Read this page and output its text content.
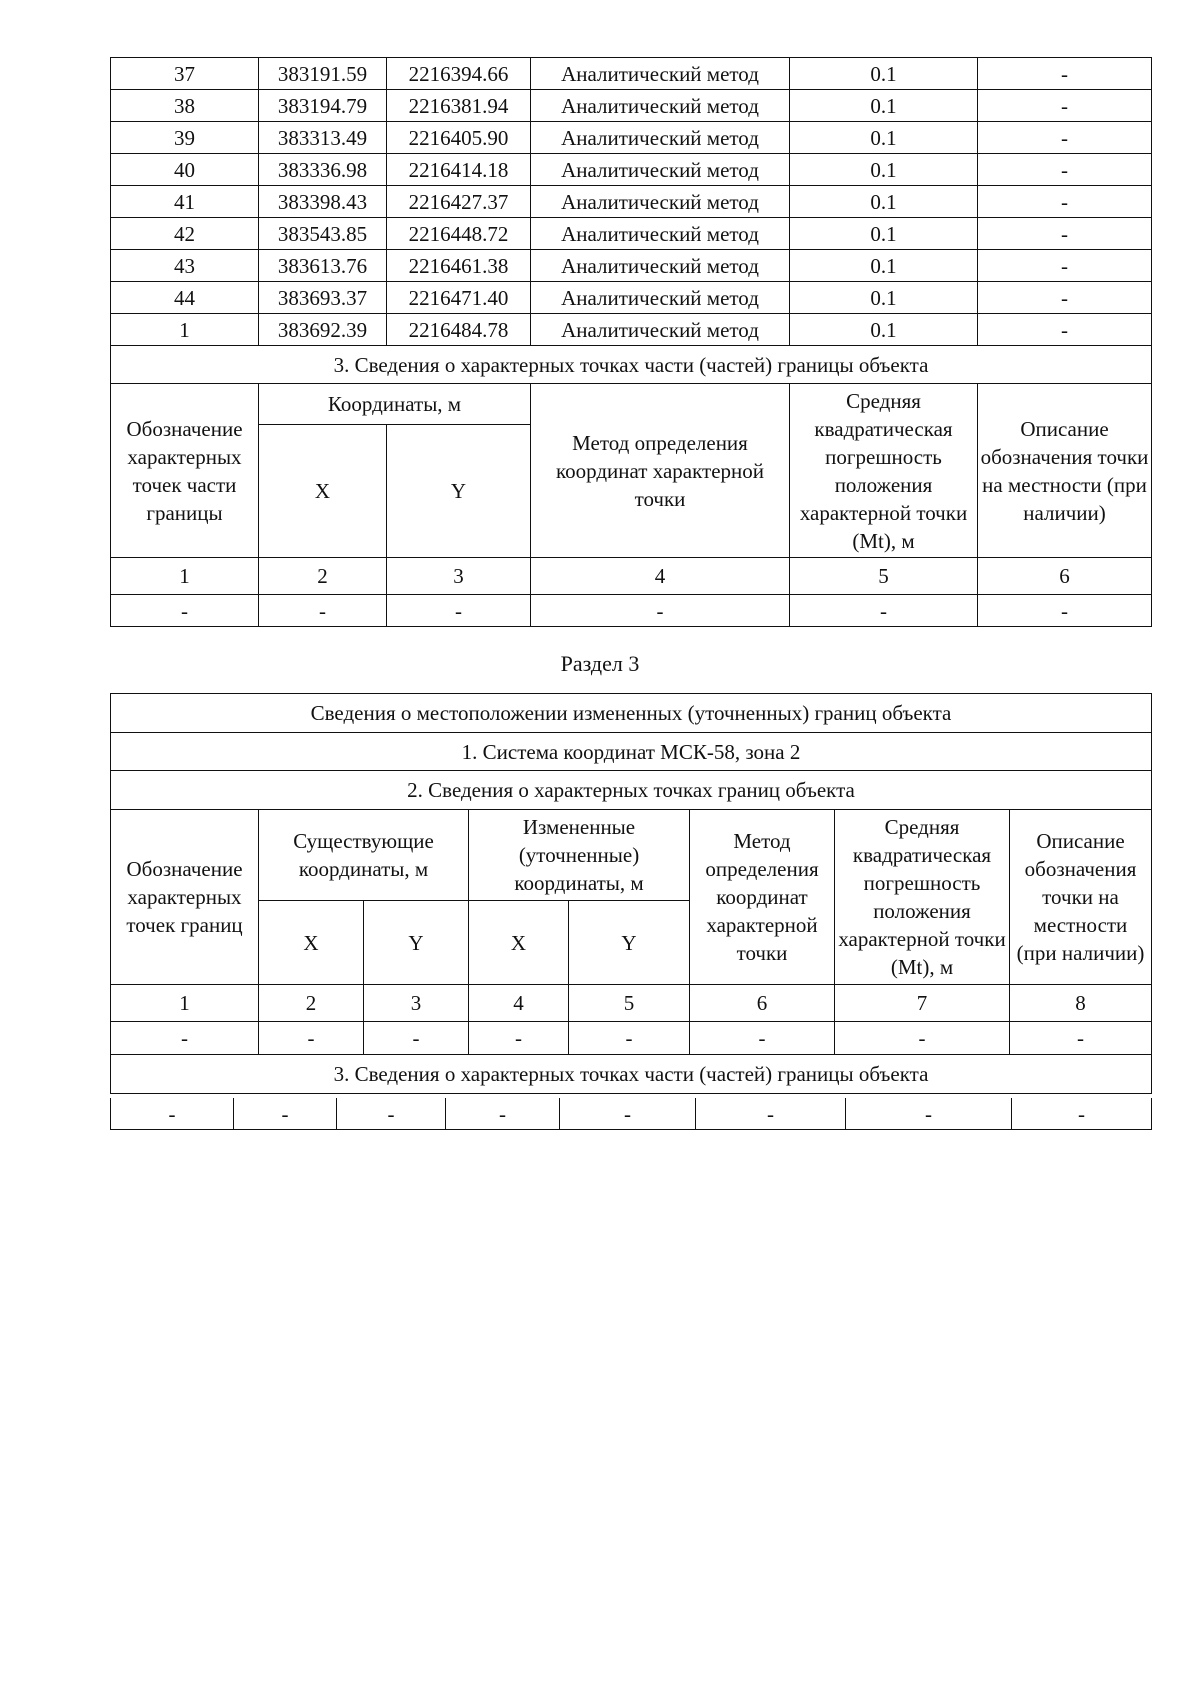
37	383191.59	2216394.66	Аналитический метод	0.1	-
38	383194.79	2216381.94	Аналитический метод	0.1	-
39	383313.49	2216405.90	Аналитический метод	0.1	-
40	383336.98	2216414.18	Аналитический метод	0.1	-
41	383398.43	2216427.37	Аналитический метод	0.1	-
42	383543.85	2216448.72	Аналитический метод	0.1	-
43	383613.76	2216461.38	Аналитический метод	0.1	-
44	383693.37	2216471.40	Аналитический метод	0.1	-
1	383692.39	2216484.78	Аналитический метод	0.1	-
3. Сведения о характерных точках части (частей) границы объекта					
Обозначение характерных точек части границы	Координаты, м		Метод определения координат характерной точки	Средняя квадратическая погрешность положения характерной точки (Mt), м	Описание обозначения точки на местности (при наличии)
	X	Y			
1	2	3	4	5	6
-	-	-	-	-	-
Раздел 3
Сведения о местоположении измененных (уточненных) границ объекта							
1. Система координат МСК-58, зона 2							
2. Сведения о характерных точках границ объекта							
Обозначение характерных точек границ	Существующие координаты, м		Измененные (уточненные) координаты, м		Метод определения координат характерной точки	Средняя квадратическая погрешность положения характерной точки (Mt), м	Описание обозначения точки на местности (при наличии)
	X	Y	X	Y			
1	2	3	4	5	6	7	8
-	-	-	-	-	-	-	-
3. Сведения о характерных точках части (частей) границы объекта							
-	-	-	-	-	-	-	-
